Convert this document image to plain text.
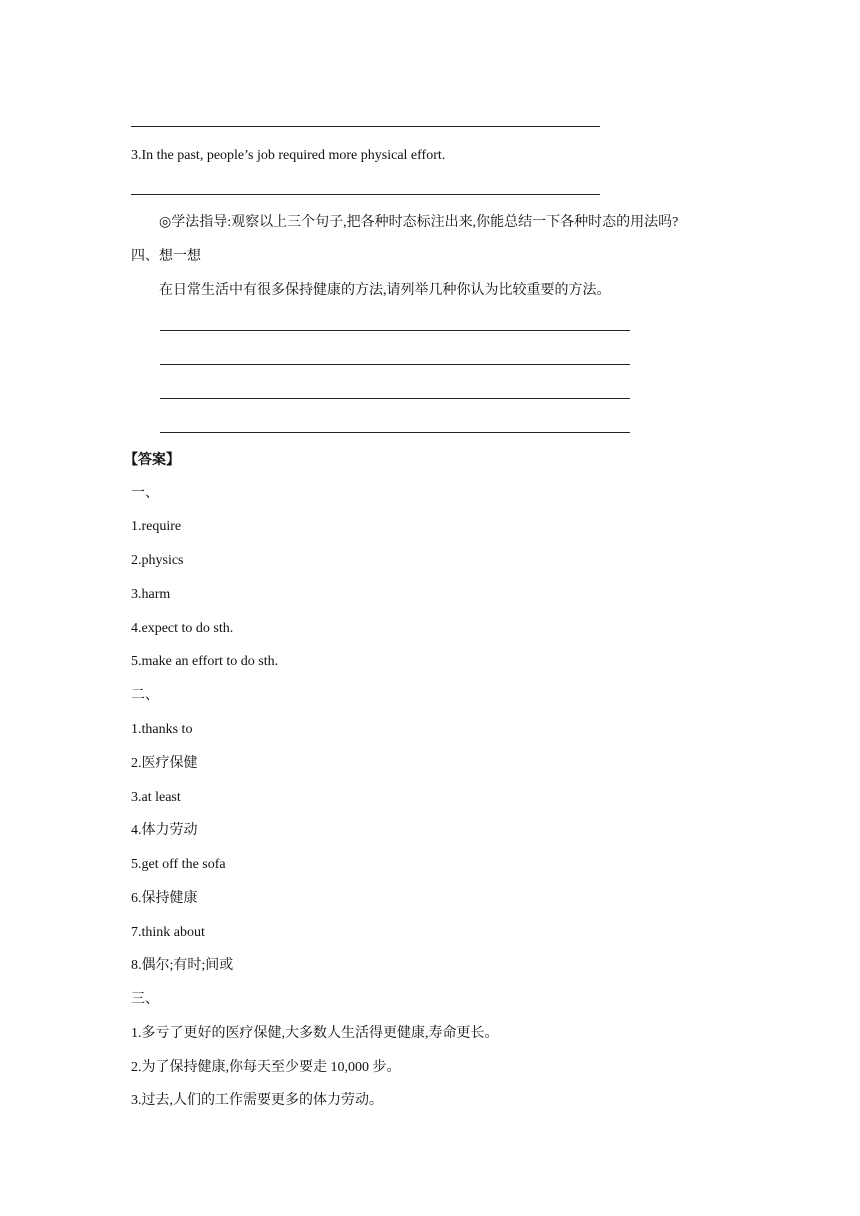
3.In the past, people’s job required more physical effort.
◎学法指导:观察以上三个句子,把各种时态标注出来,你能总结一下各种时态的用法吗?
四、想一想
在日常生活中有很多保持健康的方法,请列举几种你认为比较重要的方法。
【答案】
一、
1.require
2.physics
3.harm
4.expect to do sth.
5.make an effort to do sth.
二、
1.thanks to
2.医疗保健
3.at least
4.体力劳动
5.get off the sofa
6.保持健康
7.think about
8.偶尔;有时;间或
三、
1.多亏了更好的医疗保健,大多数人生活得更健康,寿命更长。
2.为了保持健康,你每天至少要走 10,000 步。
3.过去,人们的工作需要更多的体力劳动。
